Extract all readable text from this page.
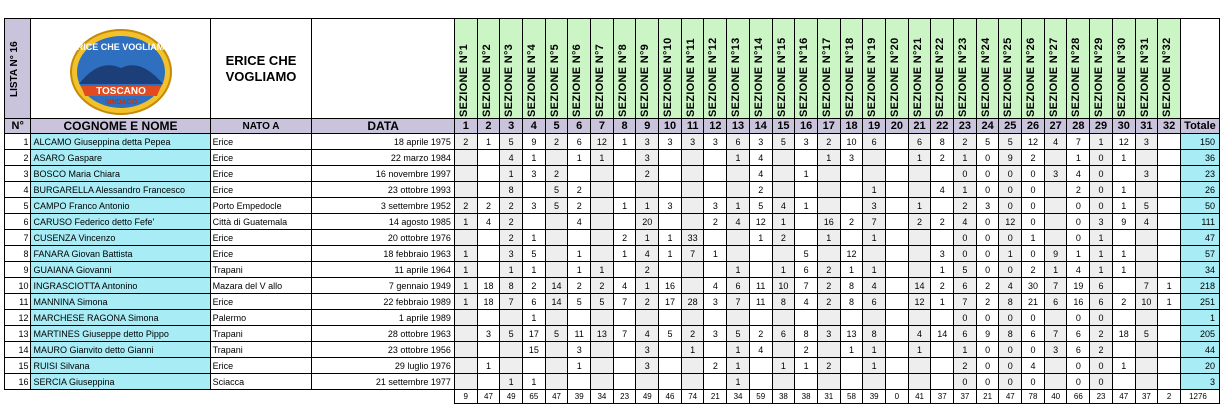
LISTA N° 16	ERICE CHE VOGLIAMO
TOSCANO
SINDACO	ERICE CHE VOGLIAMO		SEZIONE N°1	SEZIONE N°2	SEZIONE N°3	SEZIONE N°4	SEZIONE N°5	SEZIONE N°6	SEZIONE N°7	SEZIONE N°8	SEZIONE N°9	SEZIONE N°10	SEZIONE N°11	SEZIONE N°12	SEZIONE N°13	SEZIONE N°14	SEZIONE N°15	SEZIONE N°16	SEZIONE N°17	SEZIONE N°18	SEZIONE N°19	SEZIONE N°20	SEZIONE N°21	SEZIONE N°22	SEZIONE N°23	SEZIONE N°24	SEZIONE N°25	SEZIONE N°26	SEZIONE N°27	SEZIONE N°28	SEZIONE N°29	SEZIONE N°30	SEZIONE N°31	SEZIONE N°32	

N°	COGNOME E NOME	NATO A	DATA	1	2	3	4	5	6	7	8	9	10	11	12	13	14	15	16	17	18	19	20	21	22	23	24	25	26	27	28	29	30	31	32	Totale
1	ALCAMO Giuseppina detta Pepea	Erice	18 aprile 1975	2	1	5	9	2	6	12	1	3	3	3	3	6	3	5	3	2	10	6		6	8	2	5	5	12	4	7	1	12	3		150
2	ASARO Gaspare	Erice	22 marzo 1984			4	1		1	1		3				1	4			1	3			1	2	1	0	9	2		1	0	1			36
3	BOSCO Maria Chiara	Erice	16 novembre 1997			1	3	2				2					4		1							0	0	0	0	3	4	0		3		23
4	BURGARELLA Alessandro Francesco	Erice	23 ottobre 1993			8		5	2								2					1			4	1	0	0	0		2	0	1			26
5	CAMPO Franco Antonio	Porto Empedocle	3 settembre 1952	2	2	2	3	5	2		1	1	3		3	1	5	4	1			3		1		2	3	0	0		0	0	1	5		50
6	CARUSO Federico detto Fefe'	Città di Guatemala	14 agosto 1985	1	4	2			4			20			2	4	12	1		16	2	7		2	2	4	0	12	0		0	3	9	4		111
7	CUSENZA Vincenzo	Erice	20 ottobre 1976			2	1				2	1	1	33			1	2		1		1				0	0	0	1		0	1				47
8	FANARA Giovan Battista	Erice	18 febbraio 1963	1		3	5		1		1	4	1	7	1				5		12				3	0	0	1	0	9	1	1	1			57
9	GUAIANA Giovanni	Trapani	11 aprile 1964	1		1	1		1	1		2				1		1	6	2	1	1			1	5	0	0	2	1	4	1	1			34
10	INGRASCIOTTA Antonino	Mazara del V allo	7 gennaio 1949	1	18	8	2	14	2	2	4	1	16		4	6	11	10	7	2	8	4		14	2	6	2	4	30	7	19	6		7	1	218
11	MANNINA Simona	Erice	22 febbraio 1989	1	18	7	6	14	5	5	7	2	17	28	3	7	11	8	4	2	8	6		12	1	7	2	8	21	6	16	6	2	10	1	251
12	MARCHESE RAGONA Simona	Palermo	1 aprile 1989				1																			0	0	0	0		0	0				1
13	MARTINES Giuseppe detto Pippo	Trapani	28 ottobre 1963		3	5	17	5	11	13	7	4	5	2	3	5	2	6	8	3	13	8		4	14	6	9	8	6	7	6	2	18	5		205
14	MAURO Gianvito detto Gianni	Trapani	23 ottobre 1956				15		3			3		1		1	4		2		1	1		1		1	0	0	0	3	6	2				44
15	RUISI Silvana	Erice	29 luglio 1976		1				1			3			2	1		1	1	2		1				2	0	0	4		0	0	1			20
16	SERCIA Giuseppina	Sciacca	21 settembre 1977			1	1									1										0	0	0	0		0	0				3
				9	47	49	65	47	39	34	23	49	46	74	21	34	59	38	38	31	58	39	0	41	37	37	21	47	78	40	66	23	47	37	2	1276
